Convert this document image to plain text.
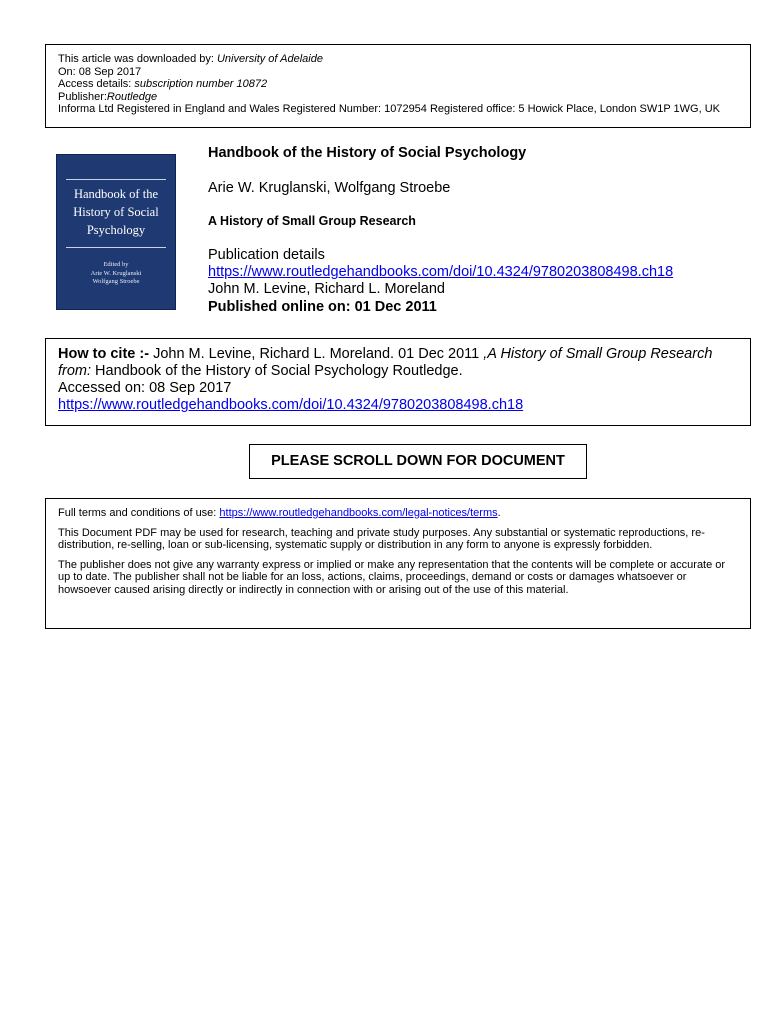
This article was downloaded by: University of Adelaide
On: 08 Sep 2017
Access details: subscription number 10872
Publisher:Routledge
Informa Ltd Registered in England and Wales Registered Number: 1072954 Registered office: 5 Howick Place, London SW1P 1WG, UK
Handbook of the
History of Social
Psychology
Edited by
Arie W. Kruglanski
Wolfgang Stroebe
Handbook of the History of Social Psychology
Arie W. Kruglanski, Wolfgang Stroebe
A History of Small Group Research
Publication details
https://www.routledgehandbooks.com/doi/10.4324/9780203808498.ch18
John M. Levine, Richard L. Moreland
Published online on: 01 Dec 2011
How to cite :- John M. Levine, Richard L. Moreland. 01 Dec 2011 ,A History of Small Group Research from: Handbook of the History of Social Psychology Routledge.
Accessed on: 08 Sep 2017
https://www.routledgehandbooks.com/doi/10.4324/9780203808498.ch18
PLEASE SCROLL DOWN FOR DOCUMENT

Full terms and conditions of use: https://www.routledgehandbooks.com/legal-notices/terms.

This Document PDF may be used for research, teaching and private study purposes. Any substantial or systematic reproductions, re-distribution, re-selling, loan or sub-licensing, systematic supply or distribution in any form to anyone is expressly forbidden.

The publisher does not give any warranty express or implied or make any representation that the contents will be complete or accurate or up to date. The publisher shall not be liable for an loss, actions, claims, proceedings, demand or costs or damages whatsoever or howsoever caused arising directly or indirectly in connection with or arising out of the use of this material.
